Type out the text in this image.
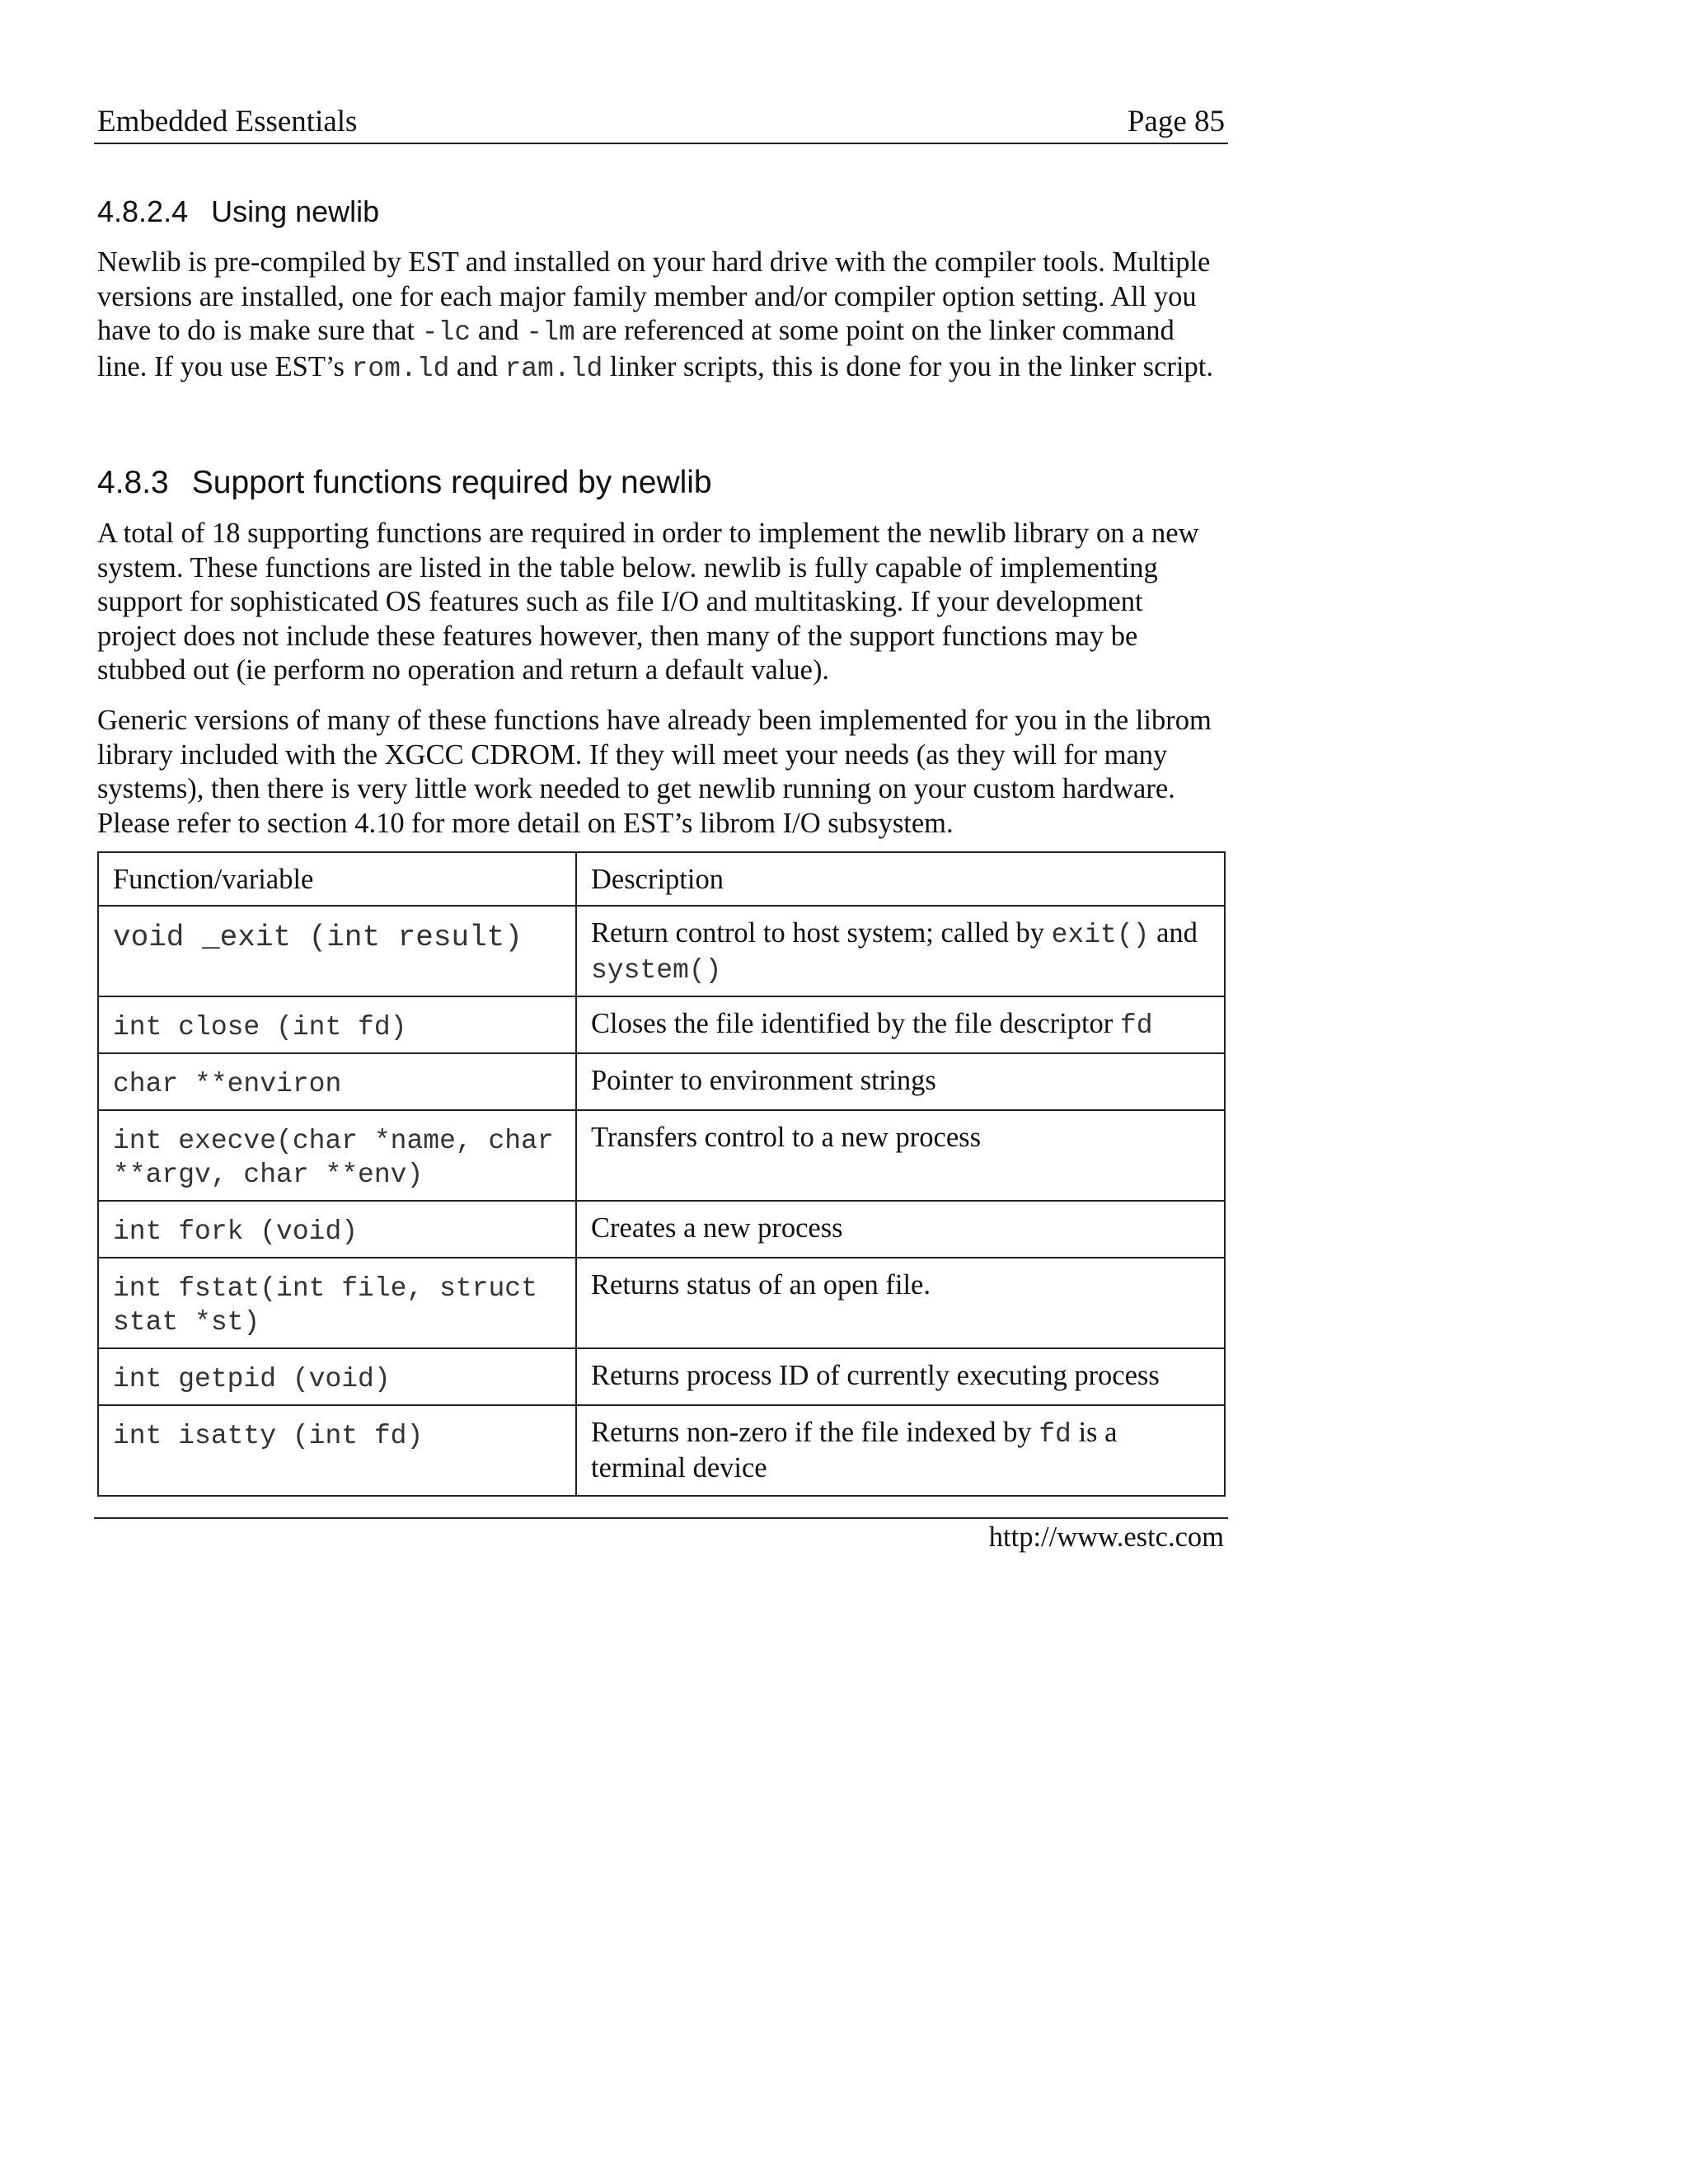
Embedded Essentials	Page 85
4.8.2.4 Using newlib
Newlib is pre-compiled by EST and installed on your hard drive with the compiler tools. Multiple versions are installed, one for each major family member and/or compiler option setting. All you have to do is make sure that -lc and -lm are referenced at some point on the linker command line. If you use EST’s rom.ld and ram.ld linker scripts, this is done for you in the linker script.
4.8.3 Support functions required by newlib
A total of 18 supporting functions are required in order to implement the newlib library on a new system. These functions are listed in the table below. newlib is fully capable of implementing support for sophisticated OS features such as file I/O and multitasking. If your development project does not include these features however, then many of the support functions may be stubbed out (ie perform no operation and return a default value).
Generic versions of many of these functions have already been implemented for you in the librom library included with the XGCC CDROM. If they will meet your needs (as they will for many systems), then there is very little work needed to get newlib running on your custom hardware. Please refer to section 4.10 for more detail on EST’s librom I/O subsystem.
Function/variable	Description
void _exit (int result)	Return control to host system; called by exit() and system()
int close (int fd)	Closes the file identified by the file descriptor fd
char **environ	Pointer to environment strings
int execve(char *name, char **argv, char **env)	Transfers control to a new process
int fork (void)	Creates a new process
int fstat(int file, struct stat *st)	Returns status of an open file.
int getpid (void)	Returns process ID of currently executing process
int isatty (int fd)	Returns non-zero if the file indexed by fd is a terminal device
http://www.estc.com
